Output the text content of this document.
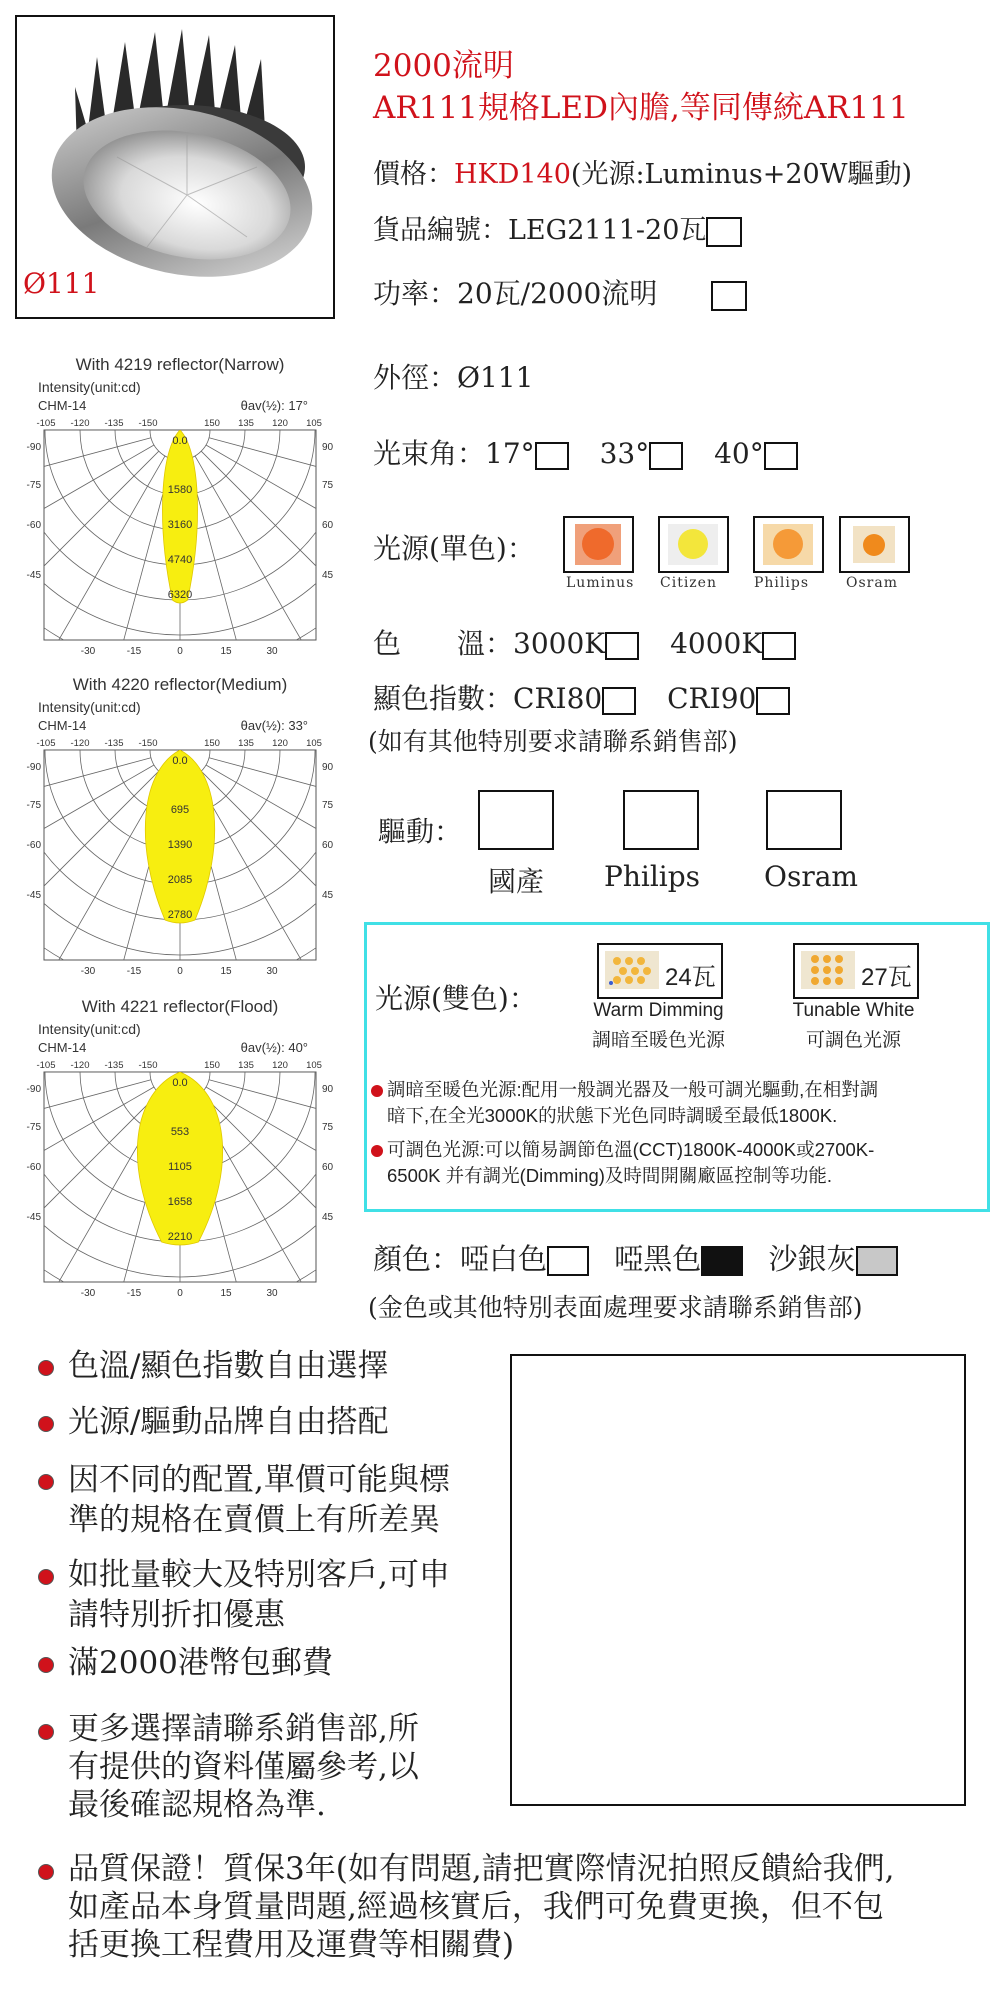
Ø111
2000流明
AR111規格LED內膽,等同傳統AR111
價格：HKD140(光源:Luminus+20W驅動)
貨品編號：LEG2111-20瓦
功率：20瓦/2000流明
外徑：Ø111
光束角：17° 33° 40°
光源(單色)：
Luminus Citizen	Philips	Osram
色　　溫：3000K 4000K
顯色指數：CRI80 CRI90
(如有其他特別要求請聯系銷售部)
驅動：
國產 Philips Osram
光源(雙色)：
24瓦
Warm Dimming
調暗至暖色光源
27瓦
Tunable White
可調色光源
調暗至暖色光源:配用一般調光器及一般可調光驅動,在相對調
暗下,在全光3000K的狀態下光色同時調暖至最低1800K.
可調色光源:可以簡易調節色溫(CCT)1800K-4000K或2700K-
6500K 并有調光(Dimming)及時間開關廠區控制等功能.
顏色：啞白色 啞黑色 沙銀灰
(金色或其他特別表面處理要求請聯系銷售部)
色溫/顯色指數自由選擇
光源/驅動品牌自由搭配
因不同的配置,單價可能與標
準的規格在賣價上有所差異
如批量較大及特別客戶,可申
請特別折扣優惠
滿2000港幣包郵費
更多選擇請聯系銷售部,所
有提供的資料僅屬參考,以
最後確認規格為準.
品質保證！質保3年(如有問題,請把實際情況拍照反饋給我們,
如產品本身質量問題,經過核實后，我們可免費更換，但不包
括更換工程費用及運費等相關費)
With 4219 reflector(Narrow)
Intensity(unit:cd)
CHM-14	θav(½): 17°
1580
3160
4740
6320
0.0
-105 -120 -135 -150	150 135 120 105
-90
-75
-60
-45
90
75
60
45
-30	-15	0	15	30
With 4220 reflector(Medium)
Intensity(unit:cd)
CHM-14	θav(½): 33°
695
1390
2085
2780
0.0
-105 -120 -135 -150	150 135 120 105
-90
-75
-60
-45
90
75
60
45
-30	-15	0	15	30
With 4221 reflector(Flood)
Intensity(unit:cd)
CHM-14	θav(½): 40°
553
1105
1658
2210
0.0
-105 -120 -135 -150	150 135 120 105
-90
-75
-60
-45
90
75
60
45
-30	-15	0	15	30
